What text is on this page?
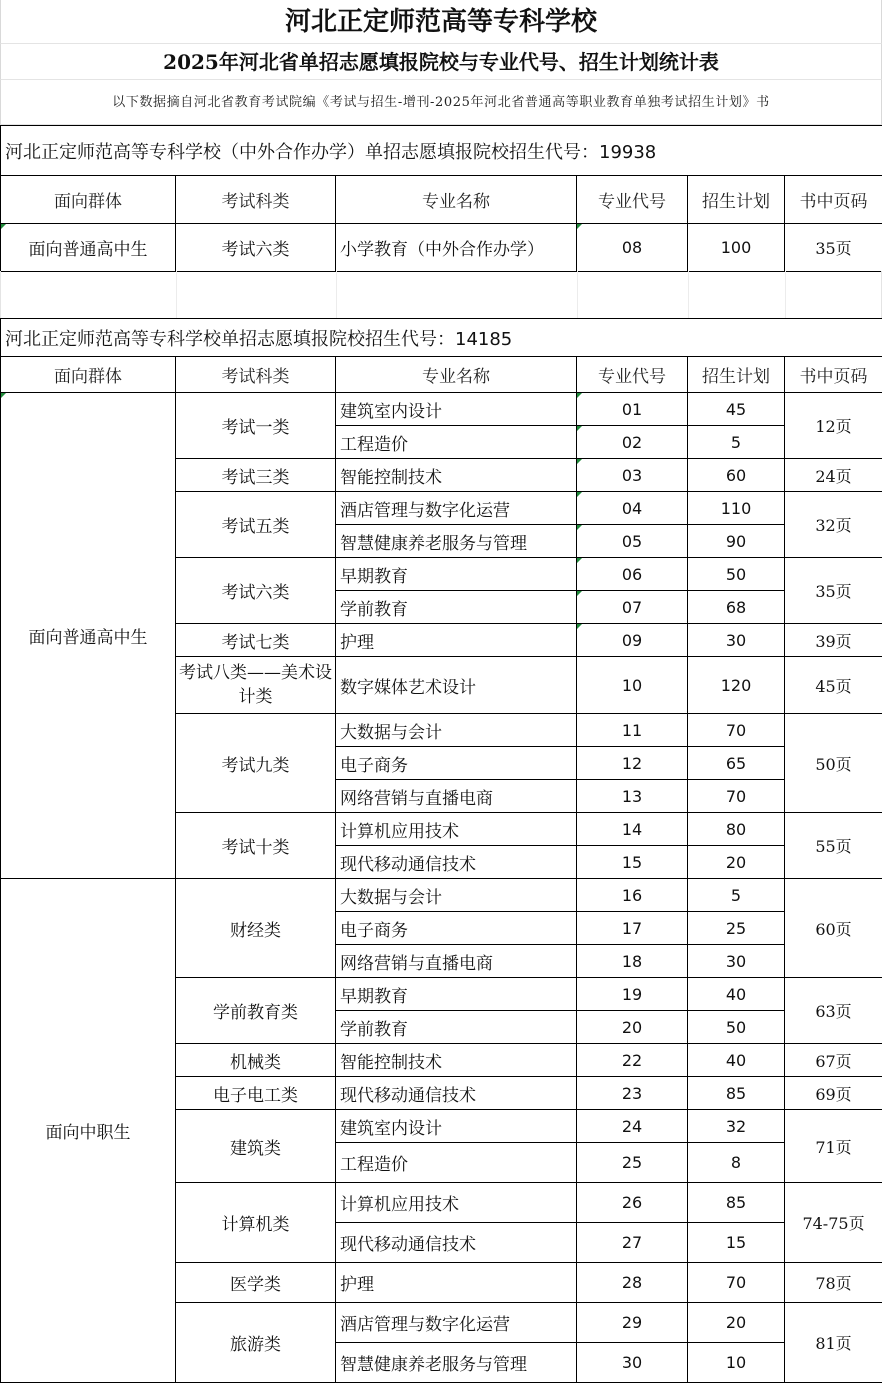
河北正定师范高等专科学校
2025年河北省单招志愿填报院校与专业代号、招生计划统计表
以下数据摘自河北省教育考试院编《考试与招生-增刊-2025年河北省普通高等职业教育单独考试招生计划》书
河北正定师范高等专科学校（中外合作办学）单招志愿填报院校招生代号：19938					
面向群体	考试科类	专业名称	专业代号	招生计划	书中页码
面向普通高中生	考试六类	小学教育（中外合作办学）	08	100	35页
河北正定师范高等专科学校单招志愿填报院校招生代号：14185					
面向群体	考试科类	专业名称	专业代号	招生计划	书中页码
面向普通高中生	考试一类	建筑室内设计	01	45	12页
		工程造价	02	5	
	考试三类	智能控制技术	03	60	24页
	考试五类	酒店管理与数字化运营	04	110	32页
		智慧健康养老服务与管理	05	90	
	考试六类	早期教育	06	50	35页
		学前教育	07	68	
	考试七类	护理	09	30	39页
	考试八类——美术设计类	数字媒体艺术设计	10	120	45页
	考试九类	大数据与会计	11	70	50页
		电子商务	12	65	
		网络营销与直播电商	13	70	
	考试十类	计算机应用技术	14	80	55页
		现代移动通信技术	15	20	
面向中职生	财经类	大数据与会计	16	5	60页
		电子商务	17	25	
		网络营销与直播电商	18	30	
	学前教育类	早期教育	19	40	63页
		学前教育	20	50	
	机械类	智能控制技术	22	40	67页
	电子电工类	现代移动通信技术	23	85	69页
	建筑类	建筑室内设计	24	32	71页
		工程造价	25	8	
	计算机类	计算机应用技术	26	85	74-75页
		现代移动通信技术	27	15	
	医学类	护理	28	70	78页
	旅游类	酒店管理与数字化运营	29	20	81页
		智慧健康养老服务与管理	30	10	
